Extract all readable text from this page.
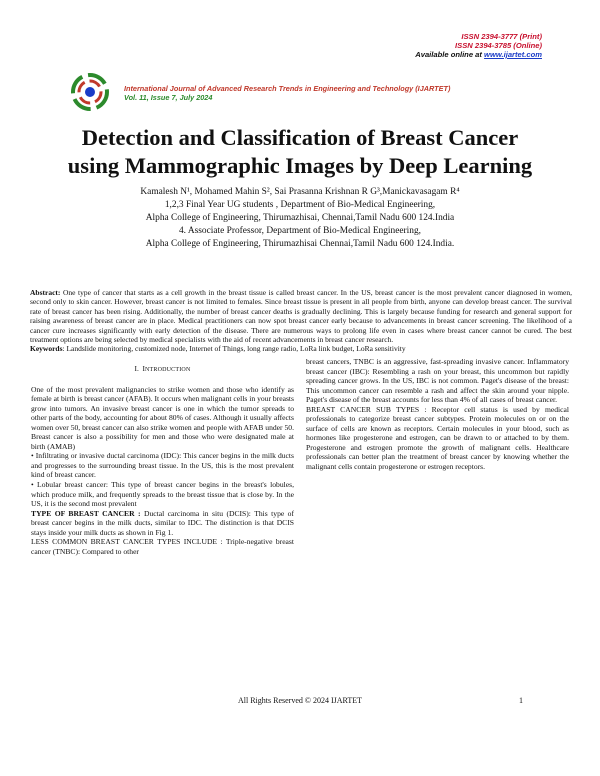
ISSN 2394-3777 (Print)
ISSN 2394-3785 (Online)
Available online at www.ijartet.com
International Journal of Advanced Research Trends in Engineering and Technology (IJARTET)
Vol. 11, Issue 7, July 2024
Detection and Classification of Breast Cancer
using Mammographic Images by Deep Learning
Kamalesh N¹, Mohamed Mahin S², Sai Prasanna Krishnan R G³,Manickavasagam R⁴
1,2,3 Final Year UG students , Department of Bio-Medical Engineering,
Alpha College of Engineering, Thirumazhisai, Chennai,Tamil Nadu 600 124.India
4. Associate Professor, Department of Bio-Medical Engineering,
Alpha College of Engineering, Thirumazhisai Chennai,Tamil Nadu 600 124.India.
Abstract: One type of cancer that starts as a cell growth in the breast tissue is called breast cancer. In the US, breast cancer is the most prevalent cancer diagnosed in women, second only to skin cancer. However, breast cancer is not limited to females. Since breast tissue is present in all people from birth, anyone can develop breast cancer. The survival rate of breast cancer has been rising. Additionally, the number of breast cancer deaths is gradually declining. This is largely because funding for research and general support for raising awareness of breast cancer are in place. Medical practitioners can now spot breast cancer early because to advancements in breast cancer screening. The likelihood of a cancer cure increases significantly with early detection of the disease. There are numerous ways to prolong life even in cases where breast cancer cannot be cured. The best treatment options are being selected by medical specialists with the aid of recent advancements in breast cancer research.
Keywords: Landslide monitoring, customized node, Internet of Things, long range radio, LoRa link budget, LoRa sensitivity

I. INTRODUCTION

One of the most prevalent malignancies to strike women and those who identify as female at birth is breast cancer (AFAB). It occurs when malignant cells in your breasts grow into tumors. An invasive breast cancer is one in which the tumor spreads to other parts of the body, accounting for about 80% of cases. Although it usually affects women over 50, breast cancer can also strike women and people with AFAB under 50. Breast cancer is also a possibility for men and those who were designated male at birth (AMAB)

• Infiltrating or invasive ductal carcinoma (IDC): This cancer begins in the milk ducts and progresses to the surrounding breast tissue. In the US, this is the most prevalent kind of breast cancer.

• Lobular breast cancer: This type of breast cancer begins in the breast's lobules, which produce milk, and frequently spreads to the breast tissue that is close by. In the US, it is the second most prevalent

TYPE OF BREAST CANCER : Ductal carcinoma in situ (DCIS): This type of breast cancer begins in the milk ducts, similar to IDC. The distinction is that DCIS stays inside your milk ducts as shown in Fig 1.

LESS COMMON BREAST CANCER TYPES INCLUDE : Triple-negative breast cancer (TNBC): Compared to other

breast cancers, TNBC is an aggressive, fast-spreading invasive cancer. Inflammatory breast cancer (IBC): Resembling a rash on your breast, this uncommon but rapidly spreading cancer grows. In the US, IBC is not common. Paget's disease of the breast: This uncommon cancer can resemble a rash and affect the skin around your nipple. Paget's disease of the breast accounts for less than 4% of all cases of breast cancer.

BREAST CANCER SUB TYPES : Receptor cell status is used by medical professionals to categorize breast cancer subtypes. Protein molecules on or on the surface of cells are known as receptors. Certain molecules in your blood, such as hormones like progesterone and estrogen, can be drawn to or attached to by them. Progesterone and estrogen promote the growth of malignant cells. Healthcare professionals can better plan the treatment of breast cancer by knowing whether the malignant cells contain progesterone or estrogen receptors.

All Rights Reserved © 2024 IJARTET	1
